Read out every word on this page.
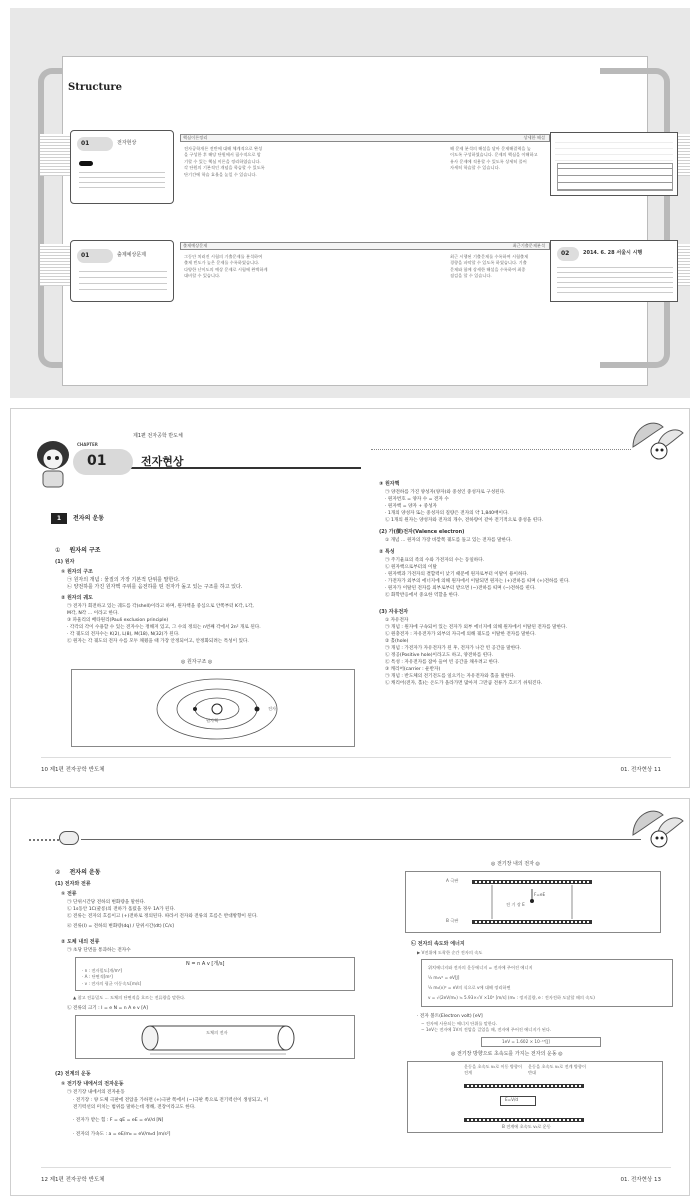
Structure
01	전자현상
핵심이론정리	상세한 해설
전자공학개론 전반에 대해 체계적으로 완성
을 구성한 후 해당 단원에서 필수적으로 암
기할 수 있는 핵심 이론을 정리하였습니다.
각 단원의 기본적인 개념을 학습할 수 있도록
단기간에 학습 효율을 높일 수 있습니다.
해 문제 분석의 해설을 달아 문제해결력을 높
이도록 구성하였습니다. 문제의 핵심을 이해하고
유사 문제에 적용할 수 있도록 상세히 풀어
자세히 학습할 수 있습니다.
01	출제예상문제
출제예상문제	최근기출문제분석
그동안 치러진 시험의 기출문제를 분석하여
출제 빈도가 높은 문제를 수록하였습니다.
다양한 난이도의 예상 문제로 시험에 완벽하게
대비할 수 있습니다.
최근 시행된 기출문제를 수록하여 시험출제
경향을 파악할 수 있도록 하였습니다. 기출
문제와 함께 상세한 해설을 수록하여 최종
점검을 할 수 있습니다.
02	2014. 6. 28 서울시 시행
제1편 전자공학 반도체
CHAPTER
01	전자현상
1	전자의 운동
① 원자의 구조
(1) 원자
① 원자의 구조
㉠ 원자의 개념 : 물질의 가장 기본적 단위를 말한다.
㉡ 양전하를 가진 원자핵 주위를 음전하를 띤 전자가 돌고 있는 구조를 하고 있다.
② 원자의 궤도
㉠ 전자가 회전하고 있는 궤도를 각(shell)이라고 하며, 원자핵을 중심으로 안쪽부터 K각, L각,
M각, N각 … 이라고 한다.
③ 파울리의 배타원리(Pauli exclusion principle)
· 각각의 각이 수용할 수 있는 전자수는 정해져 있고, 그 수의 정의는 n번째 각에서 2n² 개로 된다.
· 각 궤도의 전자수는 K(2), L(8), M(18), N(32)가 된다.
㉢ 원자는 각 궤도의 전자 수를 모두 채웠을 때 가장 안정되어고, 안정화되려는 특성이 있다.
◎ 원자구조 ◎
원자핵
전자
③ 원자핵
㉠ 양전하를 가진 양성자(양자)와 중성인 중성자로 구성된다.
· 원자번호 = 양자 수 = 전자 수
· 원자핵 = 양자 + 중성자
· 1개의 양성자 또는 중성자의 질량은 전자의 약 1,840배이다.
㉡ 1개의 원자는 양성자와 전자의 개수, 전하량이 같아 전기적으로 중성을 띤다.
(2) 가(價)전자(Valence electron)
① 개념 … 원자의 가장 바깥쪽 궤도를 돌고 있는 전자를 말한다.
② 특성
㉠ 주기율표의 족의 수와 가전자의 수는 동일하다.
㉡ 원자핵으로부터의 이탈
· 원자핵과 가전자의 결합력이 낮기 때문에 원자로부터 이탈이 용이하다.
· 가전자가 외부의 에너지에 의해 원자에서 이탈되면 원자는 (+)전하를 띠며 (+)전하를 띤다.
· 원자가 이탈된 전자를 외부로부터 받으면 (−)전하를 띠며 (−)전하를 띤다.
㉢ 화학반응에서 중요한 역할을 한다.
(3) 자유전자
① 자유전자
㉠ 개념 : 원자에 구속되어 있는 전자가 외부 에너지에 의해 원자에서 이탈된 전자를 말한다.
㉡ 원충전자 : 자유전자가 외부의 자극에 의해 궤도를 이탈한 전자를 말한다.
② 홀(hole)
㉠ 개념 : 가전자가 자유전자가 된 후, 전자가 나간 빈 공간을 말한다.
㉡ 정공(Positive hole)이라고도 하고, 양전하를 띤다.
㉢ 특성 : 자유전자를 잡아 들여 빈 공간을 채우려고 한다.
③ 캐리어(carrier : 운반자)
㉠ 개념 : 반도체의 전기전도를 일으키는 자유전자와 홀을 말한다.
㉡ 캐리어(전자, 홀)는 온도가 올라가면 많아져 그만큼 전류가 흐르기 쉬워진다.
10 제1편 전자공학 반도체	01. 전자현상 11
② 전자의 운동
(1) 전자와 전류
① 전류
㉠ 단위시간당 전하의 변화량을 말한다.
㉡ 1s동안 1C(쿨롱)의 전하가 흘렀을 경우 1A가 된다.
㉢ 전류는 전자의 흐름이고 (+)전하로 정의된다. 따라서 전자와 전류의 흐름은 반대방향이 된다.
㉣ 전류(I) = 전하의 변화량(dq) / 단위시간(dt) [C/s]
② 도체 내의 전류
㉠ 초당 단면을 통과하는 전자수
N = n A v [개/s]
· n : 전자밀도[개/m³]
· A : 단면적[m²]
· v : 전자의 평균 이동속도[m/s]
▲ 참고 전류밀도 … 도체의 단면적을 흐르는 전류량을 말한다.
㉡ 전류의 크기 : I = e N = n A e v [A]
도체의 전자
(2) 전계의 운동
① 전기장 내에서의 전자운동
㉠ 전기장 내에서의 전자운동
· 전기장 : 양 도체 극판에 전압을 가하면 (+)극판 쪽에서 (−)극판 쪽으로 전기력선이 생성되고, 이
전기력선의 미치는 범위를 말하는데 정해, 전장이라고도 한다.
· 전자가 받는 힘 : F = qE = eE = eV/d [N]
· 전자의 가속도 : a = eE/m₀ = eV/m₀d [m/s²]
◎ 전기장 내의 전자 ◎
A 극판
B 극판
F=eE
전 기 장 E
㉡ 전자의 속도와 에너지
▶ V전위에 도착한 순간 전자의 속도
위치에너지와 전자의 운동에너지 = 전자에 주어진 에너지
½ m₀v² = eV[J]
½ m₀(v)² = eV의 식으로 v에 대해 정리하면
v = √(2eV/m₀) ≒ 5.93×√V ×10⁵ [m/s] (m₀ : 정지질량, e : 전자전하 도달할 때의 속도)
· 전자 볼트(Electron volt) [eV]
− 전자에 사용되는 에너지 단위를 말한다.
− 1eV는 전자에 1V의 전압을 걸었을 때, 전자에 주어진 에너지가 된다.
1eV = 1.602 × 10⁻¹⁹[J]
◎ 전기장 방향으로 초속도를 가지는 전자의 운동 ◎
운동을 초속도 v₀로 이동 방향이 전계
운동을 초속도 v₀로 전계 방향이 반대
E=V/d
B 전계에 초속도 v₀로 운동
12 제1편 전자공학 반도체	01. 전자현상 13
